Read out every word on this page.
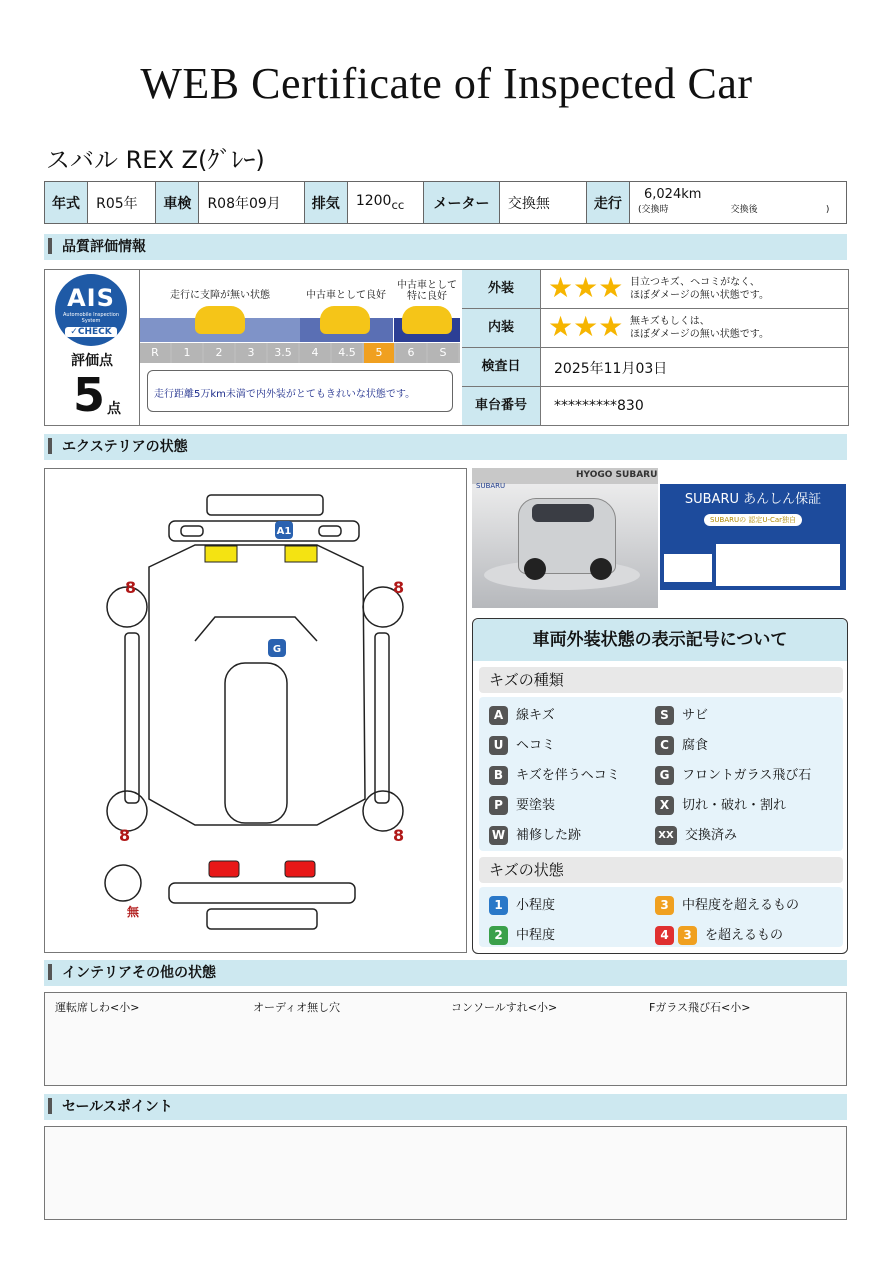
WEB Certificate of Inspected Car
スバル REX Z(ｸﾞﾚｰ)
年式	R05年	車検	R08年09月	排気	$1200_{cc}$	メーター	交換無	走行	
6,024km
(交換時	交換後	)
品質評価情報
AIS
Automobile Inspection System
✓CHECK
評価点
5 点
走行に支障が無い状態	中古車として良好
中古車として特に良好
R	1	2	3	3.5	4	4.5	5	6	S
走行距離5万km未満で内外装がとてもきれいな状態です。
外装	★★★ 目立つキズ、ヘコミがなく、
ほぼダメージの無い状態です。
内装	★★★ 無キズもしくは、
ほぼダメージの無い状態です。
検査日	2025年11月03日
車台番号	*********830
エクステリアの状態
A1
G
8	8
8	8
無
HYOGO SUBARU
SUBARU
SUBARU あんしん保証
SUBARUの 認定U-Car独自
車両外装状態の表示記号について
キズの種類
A 線キズ	S サビ
U ヘコミ	C 腐食
B キズを伴うヘコミ	G フロントガラス飛び石
P 要塗装	X 切れ・破れ・割れ
W 補修した跡	XX 交換済み
キズの状態
1 小程度	3 中程度を超えるもの
2 中程度	4 3 を超えるもの
インテリアその他の状態
運転席しわ<小>	オーディオ無し穴	コンソールすれ<小>	Fガラス飛び石<小>
セールスポイント
